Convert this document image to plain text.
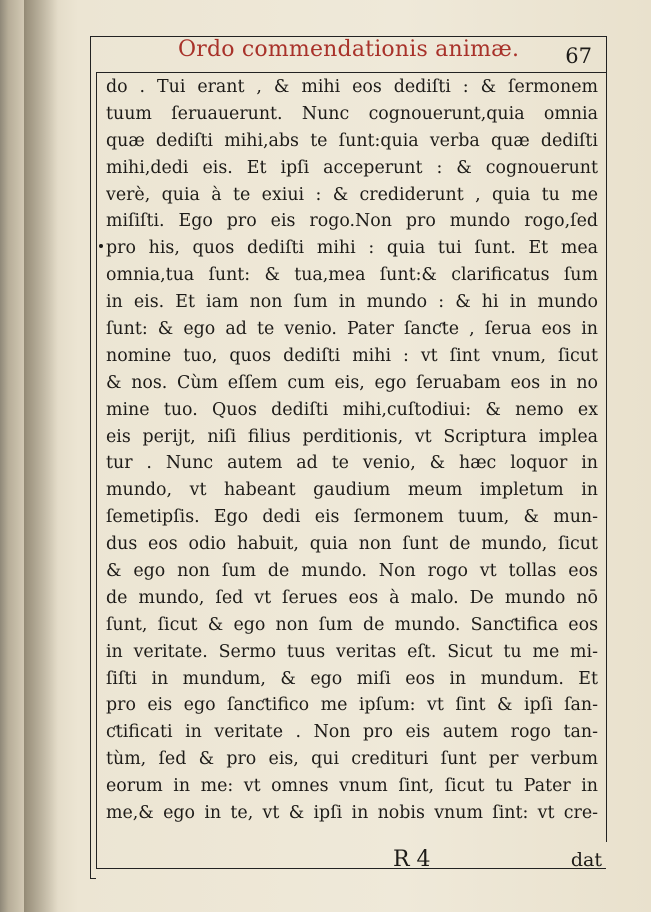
Ordo commendationis animæ.	67
do . Tui erant , & mihi eos dediſti : & ſermonem
tuum ſeruauerunt. Nunc cognouerunt,quia omnia
quæ dediſti mihi,abs te ſunt:quia verba quæ dediſti
mihi,dedi eis. Et ipſi acceperunt : & cognouerunt
verè, quia à te exiui : & crediderunt , quia tu me
miſiſti. Ego pro eis rogo.Non pro mundo rogo,ſed
pro his, quos dediſti mihi : quia tui ſunt. Et mea
omnia,tua ſunt: & tua,mea ſunt:& clarificatus ſum
in eis. Et iam non ſum in mundo : & hi in mundo
ſunt: & ego ad te venio. Pater ſanƈte , ſerua eos in
nomine tuo, quos dediſti mihi : vt ſint vnum, ſicut
& nos. Cùm eſſem cum eis, ego ſeruabam eos in no
mine tuo. Quos dediſti mihi,cuſtodiui: & nemo ex
eis perijt, niſi filius perditionis, vt Scriptura implea
tur . Nunc autem ad te venio, & hæc loquor in
mundo, vt habeant gaudium meum impletum in
ſemetipſis. Ego dedi eis ſermonem tuum, & mun-
dus eos odio habuit, quia non ſunt de mundo, ſicut
& ego non ſum de mundo. Non rogo vt tollas eos
de mundo, ſed vt ſerues eos à malo. De mundo nō
ſunt, ſicut & ego non ſum de mundo. Sanƈtifica eos
in veritate. Sermo tuus veritas eſt. Sicut tu me mi-
ſiſti in mundum, & ego miſi eos in mundum. Et
pro eis ego ſanƈtifico me ipſum: vt ſint & ipſi ſan-
ƈtificati in veritate . Non pro eis autem rogo tan-
tùm, ſed & pro eis, qui credituri ſunt per verbum
eorum in me: vt omnes vnum ſint, ſicut tu Pater in
me,& ego in te, vt & ipſi in nobis vnum ſint: vt cre-
R 4	dat
